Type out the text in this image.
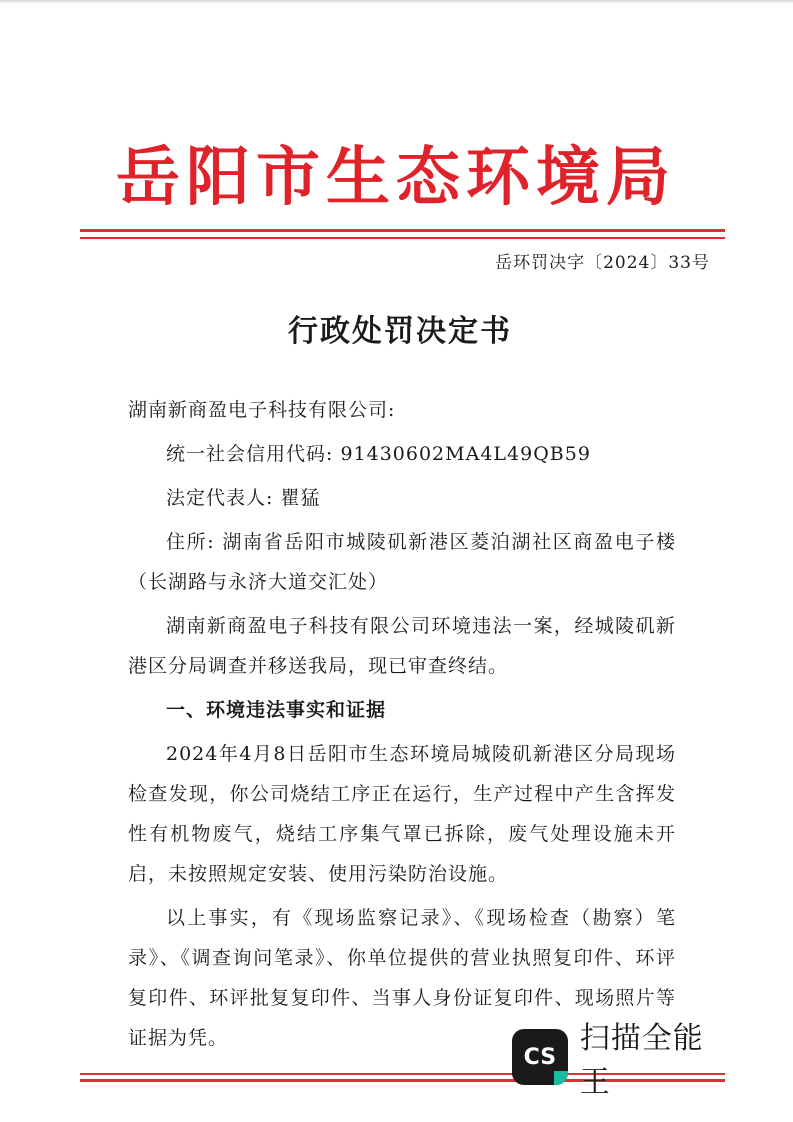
岳阳市生态环境局
岳环罚决字〔2024〕33号
行政处罚决定书

湖南新商盈电子科技有限公司:

统一社会信用代码: 91430602MA4L49QB59

法定代表人: 瞿猛

住所: 湖南省岳阳市城陵矶新港区菱泊湖社区商盈电子楼（长湖路与永济大道交汇处）

湖南新商盈电子科技有限公司环境违法一案，经城陵矶新港区分局调查并移送我局，现已审查终结。

一、环境违法事实和证据

2024年4月8日岳阳市生态环境局城陵矶新港区分局现场检查发现，你公司烧结工序正在运行，生产过程中产生含挥发性有机物废气，烧结工序集气罩已拆除，废气处理设施未开启，未按照规定安装、使用污染防治设施。

以上事实，有《现场监察记录》、《现场检查（勘察）笔录》、《调查询问笔录》、你单位提供的营业执照复印件、环评复印件、环评批复复印件、当事人身份证复印件、现场照片等证据为凭。

CS
扫描全能王
